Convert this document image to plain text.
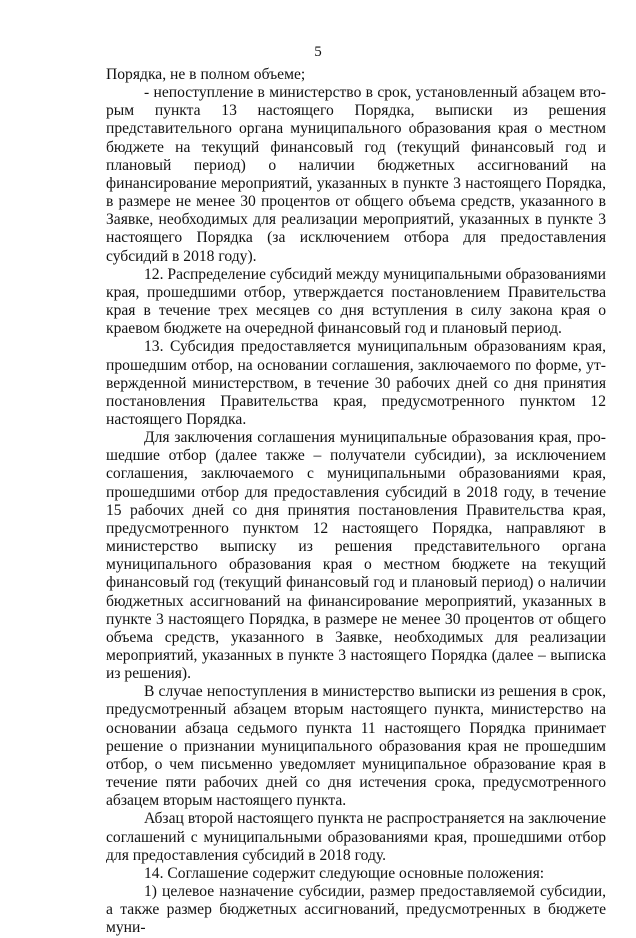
5

Порядка, не в полном объеме;

- непоступление в министерство в срок, установленный абзацем вторым пункта 13 настоящего Порядка, выписки из решения представительного органа муниципального образования края о местном бюджете на текущий финансовый год (текущий финансовый год и плановый период) о наличии бюджетных ассигнований на финансирование мероприятий, указанных в пункте 3 настоящего Порядка, в размере не менее 30 процентов от общего объема средств, указанного в Заявке, необходимых для реализации мероприятий, указанных в пункте 3 настоящего Порядка (за исключением отбора для предоставления субсидий в 2018 году).

12. Распределение субсидий между муниципальными образованиями края, прошедшими отбор, утверждается постановлением Правительства края в течение трех месяцев со дня вступления в силу закона края о краевом бюджете на очередной финансовый год и плановый период.

13. Субсидия предоставляется муниципальным образованиям края, прошедшим отбор, на основании соглашения, заключаемого по форме, утвержденной министерством, в течение 30 рабочих дней со дня принятия постановления Правительства края, предусмотренного пунктом 12 настоящего Порядка.

Для заключения соглашения муниципальные образования края, прошедшие отбор (далее также – получатели субсидии), за исключением соглашения, заключаемого с муниципальными образованиями края, прошедшими отбор для предоставления субсидий в 2018 году, в течение 15 рабочих дней со дня принятия постановления Правительства края, предусмотренного пунктом 12 настоящего Порядка, направляют в министерство выписку из решения представительного органа муниципального образования края о местном бюджете на текущий финансовый год (текущий финансовый год и плановый период) о наличии бюджетных ассигнований на финансирование мероприятий, указанных в пункте 3 настоящего Порядка, в размере не менее 30 процентов от общего объема средств, указанного в Заявке, необходимых для реализации мероприятий, указанных в пункте 3 настоящего Порядка (далее – выписка из решения).

В случае непоступления в министерство выписки из решения в срок, предусмотренный абзацем вторым настоящего пункта, министерство на основании абзаца седьмого пункта 11 настоящего Порядка принимает решение о признании муниципального образования края не прошедшим отбор, о чем письменно уведомляет муниципальное образование края в течение пяти рабочих дней со дня истечения срока, предусмотренного абзацем вторым настоящего пункта.

Абзац второй настоящего пункта не распространяется на заключение соглашений с муниципальными образованиями края, прошедшими отбор для предоставления субсидий в 2018 году.

14. Соглашение содержит следующие основные положения:

1) целевое назначение субсидии, размер предоставляемой субсидии, а также размер бюджетных ассигнований, предусмотренных в бюджете муни-
